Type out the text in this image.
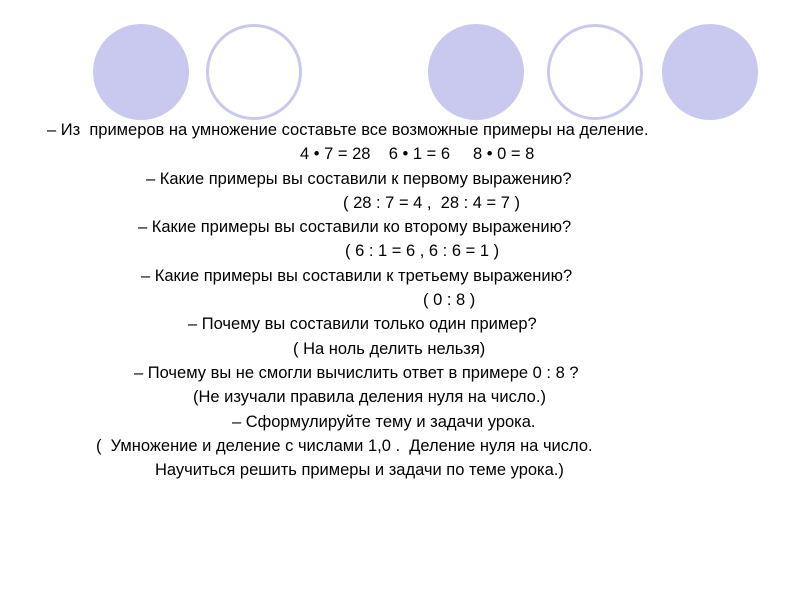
– Из  примеров на умножение составьте все возможные примеры на деление.
4 • 7 = 28    6 • 1 = 6     8 • 0 = 8
– Какие примеры вы составили к первому выражению?
( 28 : 7 = 4 ,  28 : 4 = 7 )
– Какие примеры вы составили ко второму выражению?
( 6 : 1 = 6 , 6 : 6 = 1 )
– Какие примеры вы составили к третьему выражению?
( 0 : 8 )
– Почему вы составили только один пример?
( На ноль делить нельзя)
– Почему вы не смогли вычислить ответ в примере 0 : 8 ?
(Не изучали правила деления нуля на число.)
– Сформулируйте тему и задачи урока.
(  Умножение и деление с числами 1,0 .  Деление нуля на число.
Научиться решить примеры и задачи по теме урока.)
